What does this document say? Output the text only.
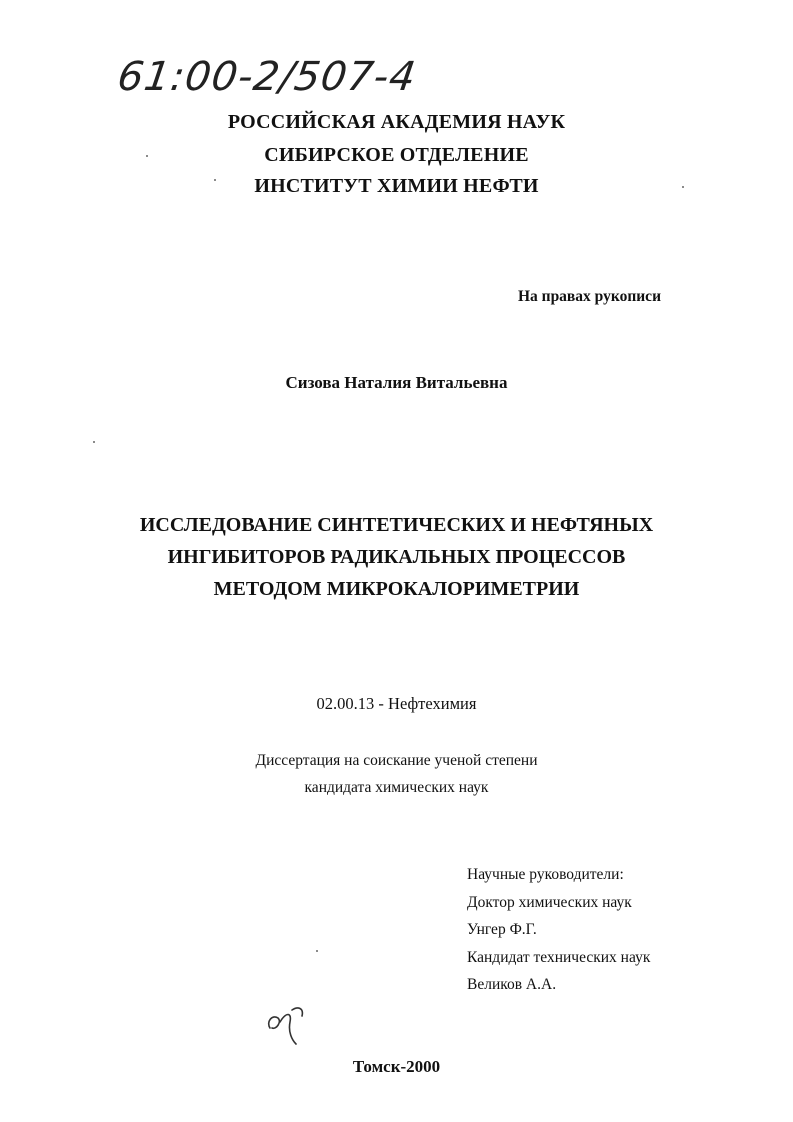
61:00-2/507-4
РОССИЙСКАЯ АКАДЕМИЯ НАУК
СИБИРСКОЕ ОТДЕЛЕНИЕ
ИНСТИТУТ ХИМИИ НЕФТИ
На правах рукописи
Сизова Наталия Витальевна
ИССЛЕДОВАНИЕ СИНТЕТИЧЕСКИХ И НЕФТЯНЫХ
ИНГИБИТОРОВ РАДИКАЛЬНЫХ ПРОЦЕССОВ
МЕТОДОМ МИКРОКАЛОРИМЕТРИИ
02.00.13 - Нефтехимия
Диссертация на соискание ученой степени
кандидата химических наук
Научные руководители:
Доктор химических наук
Унгер Ф.Г.
Кандидат технических наук
Великов А.А.
Томск-2000
